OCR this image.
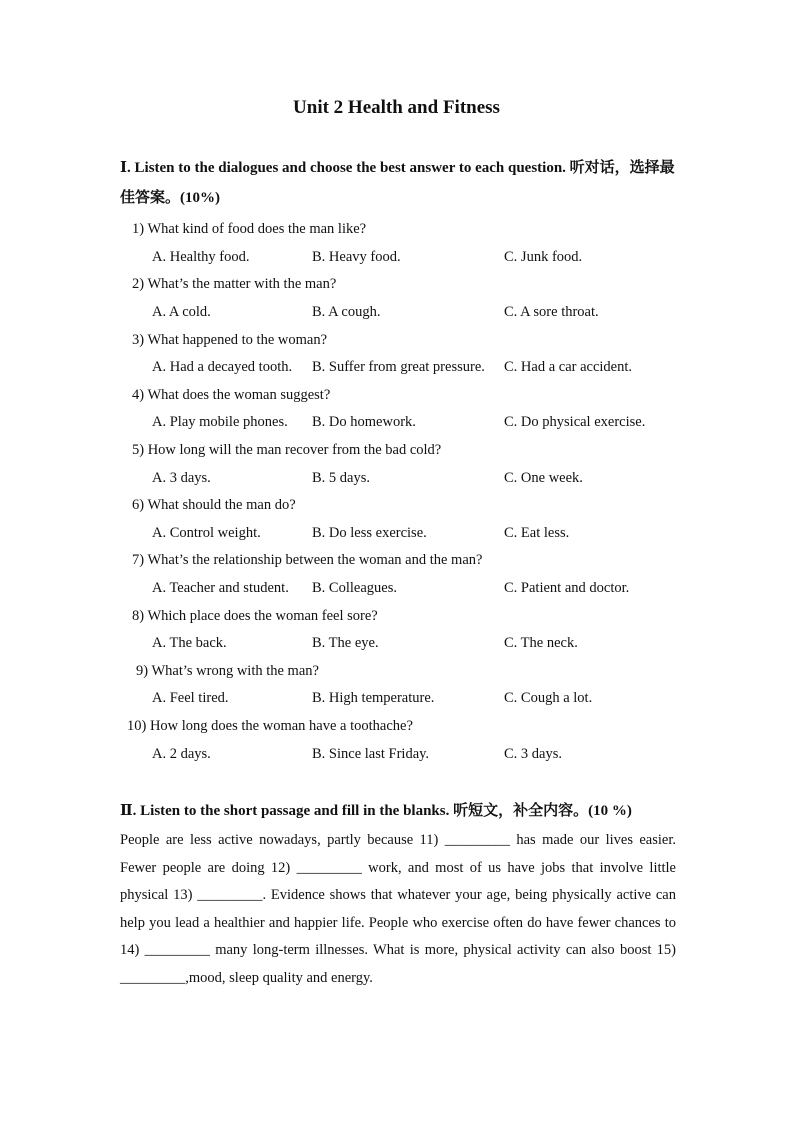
Unit 2 Health and Fitness
Ⅰ. Listen to the dialogues and choose the best answer to each question. 听对话，选择最佳答案。(10%)
1) What kind of food does the man like?
A. Healthy food.	B. Heavy food.	C. Junk food.
2) What’s the matter with the man?
A. A cold.	B. A cough.	C. A sore throat.
3) What happened to the woman?
A. Had a decayed tooth. B. Suffer from great pressure. C. Had a car accident.
4) What does the woman suggest?
A. Play mobile phones. B. Do homework.	C. Do physical exercise.
5) How long will the man recover from the bad cold?
A. 3 days.	B. 5 days.	C. One week.
6) What should the man do?
A. Control weight.	B. Do less exercise.	C. Eat less.
7) What’s the relationship between the woman and the man?
A. Teacher and student. B. Colleagues.	C. Patient and doctor.
8) Which place does the woman feel sore?
A. The back.	B. The eye.	C. The neck.
9) What’s wrong with the man?
A. Feel tired.	B. High temperature.	C. Cough a lot.
10) How long does the woman have a toothache?
A. 2 days.	B. Since last Friday.	C. 3 days.
Ⅱ. Listen to the short passage and fill in the blanks. 听短文，补全内容。(10 %)
People are less active nowadays, partly because 11) _________ has made our lives easier. Fewer people are doing 12) _________ work, and most of us have jobs that involve little physical 13) _________. Evidence shows that whatever your age, being physically active can help you lead a healthier and happier life. People who exercise often do have fewer chances to 14) _________ many long-term illnesses. What is more, physical activity can also boost 15) _________,mood, sleep quality and energy.
